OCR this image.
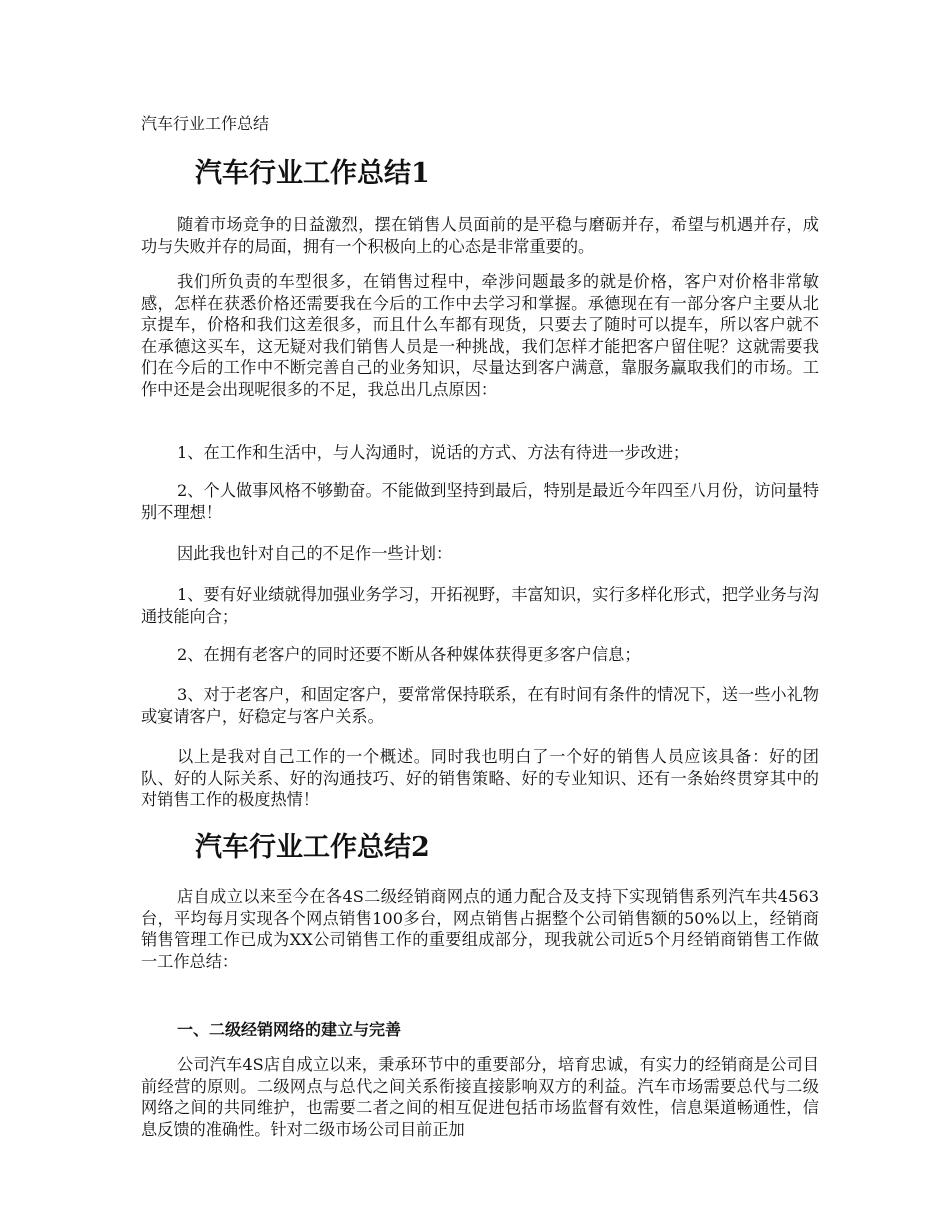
汽车行业工作总结
汽车行业工作总结1

随着市场竞争的日益激烈，摆在销售人员面前的是平稳与磨砺并存，希望与机遇并存，成功与失败并存的局面，拥有一个积极向上的心态是非常重要的。

我们所负责的车型很多，在销售过程中，牵涉问题最多的就是价格，客户对价格非常敏感，怎样在获悉价格还需要我在今后的工作中去学习和掌握。承德现在有一部分客户主要从北京提车，价格和我们这差很多，而且什么车都有现货，只要去了随时可以提车，所以客户就不在承德这买车，这无疑对我们销售人员是一种挑战，我们怎样才能把客户留住呢？这就需要我们在今后的工作中不断完善自己的业务知识，尽量达到客户满意，靠服务赢取我们的市场。工作中还是会出现呢很多的不足，我总出几点原因：

1、在工作和生活中，与人沟通时，说话的方式、方法有待进一步改进；

2、个人做事风格不够勤奋。不能做到坚持到最后，特别是最近今年四至八月份，访问量特别不理想！

因此我也针对自己的不足作一些计划：

1、要有好业绩就得加强业务学习，开拓视野，丰富知识，实行多样化形式，把学业务与沟通技能向合；

2、在拥有老客户的同时还要不断从各种媒体获得更多客户信息；

3、对于老客户，和固定客户，要常常保持联系，在有时间有条件的情况下，送一些小礼物或宴请客户，好稳定与客户关系。

以上是我对自己工作的一个概述。同时我也明白了一个好的销售人员应该具备：好的团队、好的人际关系、好的沟通技巧、好的销售策略、好的专业知识、还有一条始终贯穿其中的对销售工作的极度热情！

汽车行业工作总结2

店自成立以来至今在各4S二级经销商网点的通力配合及支持下实现销售系列汽车共4563台，平均每月实现各个网点销售100多台，网点销售占据整个公司销售额的50%以上，经销商销售管理工作已成为XX公司销售工作的重要组成部分，现我就公司近5个月经销商销售工作做一工作总结：

一、二级经销网络的建立与完善

公司汽车4S店自成立以来，秉承环节中的重要部分，培育忠诚，有实力的经销商是公司目前经营的原则。二级网点与总代之间关系衔接直接影响双方的利益。汽车市场需要总代与二级网络之间的共同维护，也需要二者之间的相互促进包括市场监督有效性，信息渠道畅通性，信息反馈的准确性。针对二级市场公司目前正加
